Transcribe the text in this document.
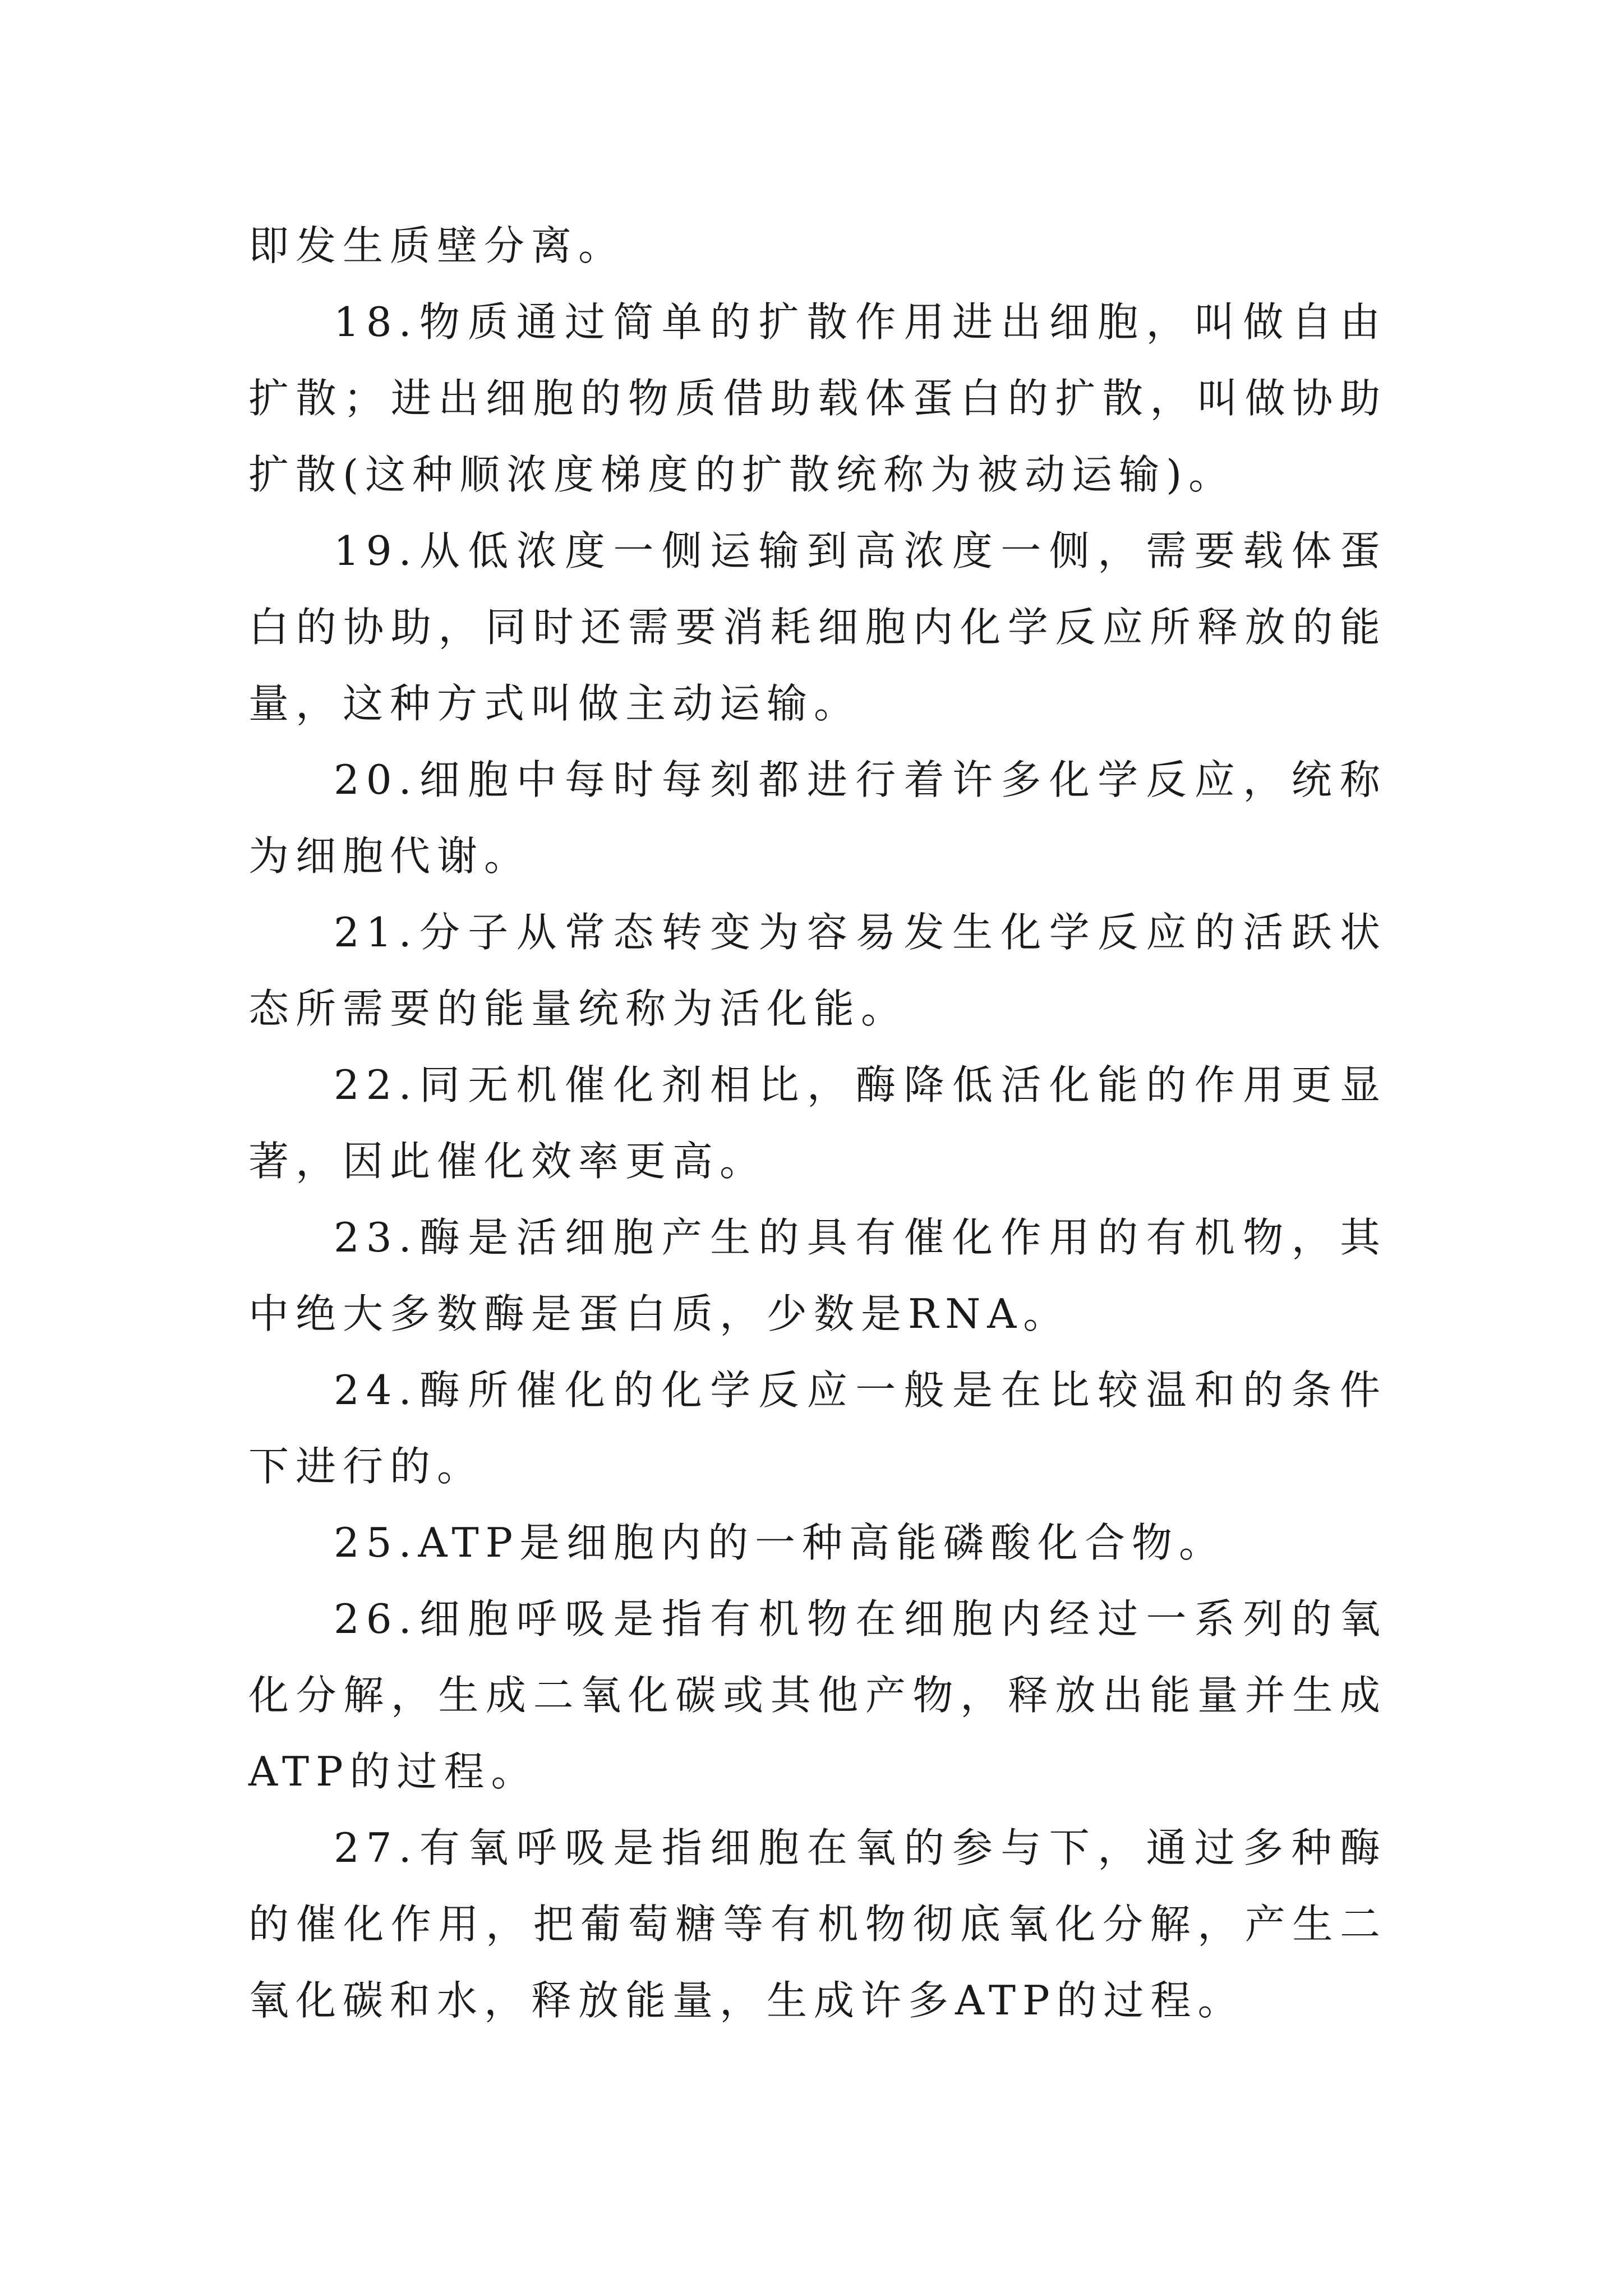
即发生质壁分离。

18.物质通过简单的扩散作用进出细胞，叫做自由扩散；进出细胞的物质借助载体蛋白的扩散，叫做协助扩散(这种顺浓度梯度的扩散统称为被动运输)。

19.从低浓度一侧运输到高浓度一侧，需要载体蛋白的协助，同时还需要消耗细胞内化学反应所释放的能量，这种方式叫做主动运输。

20.细胞中每时每刻都进行着许多化学反应，统称为细胞代谢。

21.分子从常态转变为容易发生化学反应的活跃状态所需要的能量统称为活化能。

22.同无机催化剂相比，酶降低活化能的作用更显著，因此催化效率更高。

23.酶是活细胞产生的具有催化作用的有机物，其中绝大多数酶是蛋白质，少数是RNA。

24.酶所催化的化学反应一般是在比较温和的条件下进行的。

25.ATP是细胞内的一种高能磷酸化合物。

26.细胞呼吸是指有机物在细胞内经过一系列的氧化分解，生成二氧化碳或其他产物，释放出能量并生成ATP的过程。

27.有氧呼吸是指细胞在氧的参与下，通过多种酶的催化作用，把葡萄糖等有机物彻底氧化分解，产生二氧化碳和水，释放能量，生成许多ATP的过程。
